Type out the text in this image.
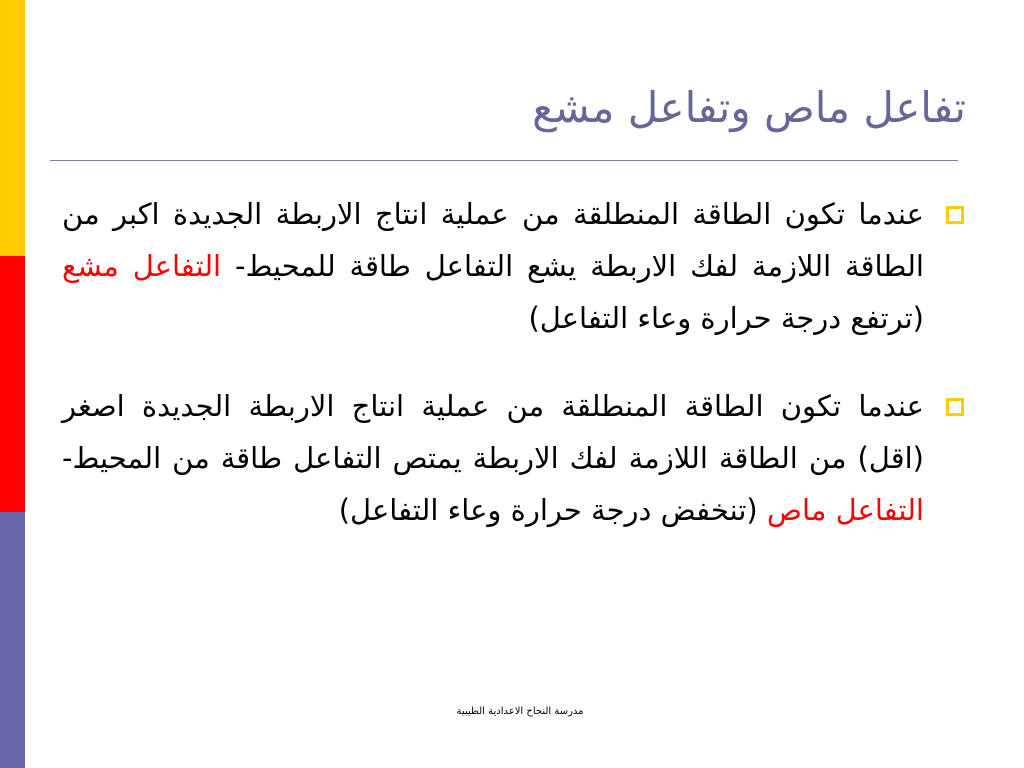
تفاعل ماص وتفاعل مشع
عندما تكون الطاقة المنطلقة من عملية انتاج الاربطة الجديدة اكبر من الطاقة اللازمة لفك الاربطة يشع التفاعل طاقة للمحيط- التفاعل مشع (ترتفع درجة حرارة وعاء التفاعل)
عندما تكون الطاقة المنطلقة من عملية انتاج الاربطة الجديدة اصغر (اقل) من الطاقة اللازمة لفك الاربطة يمتص التفاعل طاقة من المحيط- التفاعل ماص (تنخفض درجة حرارة وعاء التفاعل)
مدرسة النجاح الاعدادية الطيبية
